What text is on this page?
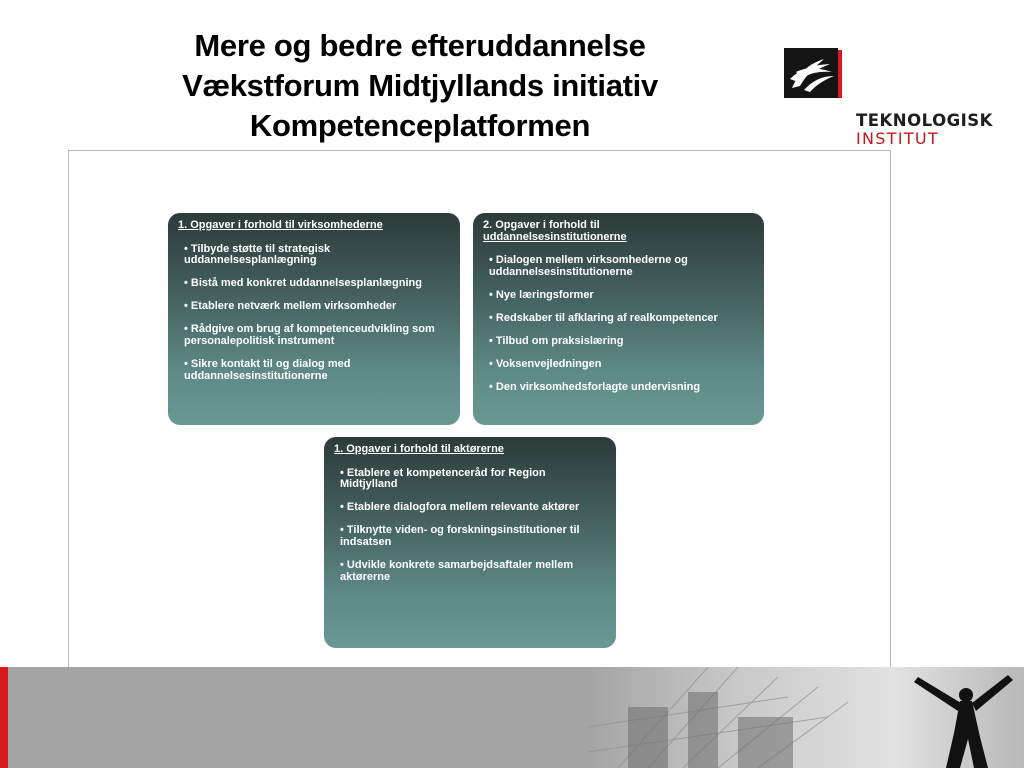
Mere og bedre efteruddannelse
Vækstforum Midtjyllands initiativ
Kompetenceplatformen	TEKNOLOGISK
INSTITUT
1. Opgaver i forhold til virksomhederne
• Tilbyde støtte til strategisk uddannelsesplanlægning
• Bistå med konkret uddannelsesplanlægning
• Etablere netværk mellem virksomheder
• Rådgive om brug af kompetenceudvikling som personalepolitisk instrument
• Sikre kontakt til og dialog med uddannelsesinstitutionerne
2. Opgaver i forhold til
uddannelsesinstitutionerne
• Dialogen mellem virksomhederne og uddannelsesinstitutionerne
• Nye læringsformer
• Redskaber til afklaring af realkompetencer
• Tilbud om praksislæring
• Voksenvejledningen
• Den virksomhedsforlagte undervisning
1. Opgaver i forhold til aktørerne
• Etablere et kompetenceråd for Region Midtjylland
• Etablere dialogfora mellem relevante aktører
• Tilknytte viden- og forskningsinstitutioner til indsatsen
• Udvikle konkrete samarbejdsaftaler mellem aktørerne
